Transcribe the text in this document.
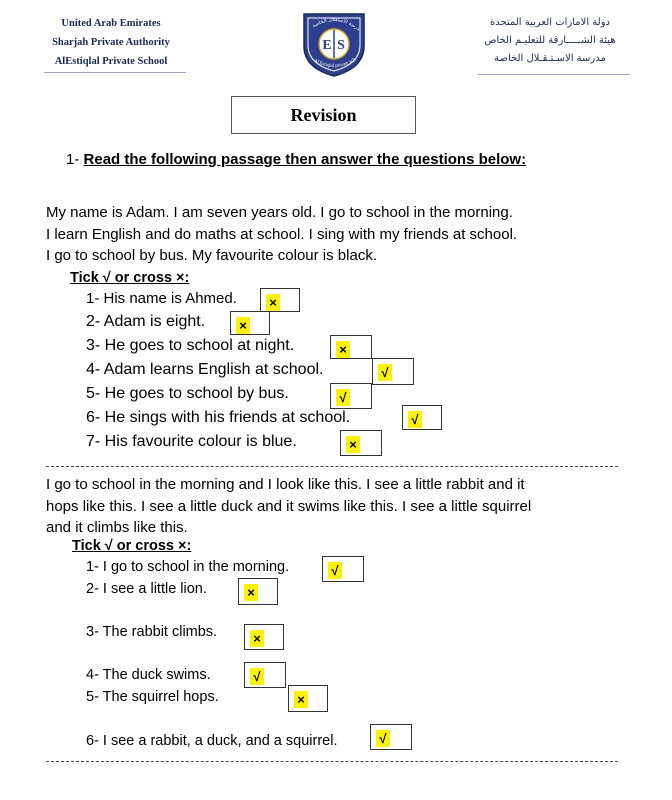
United Arab Emirates
Sharjah Private Authority
AlEstiqlal Private School
درسة الاستقلال الخاصة
E S
Al Estiqlal private sch
دولة الامارات العربية المتحدة
هيئة الشـــــارقة للتعليـم الخاص
مدرسة الاسـتـقـلال الخاصة
Revision
1- Read the following passage then answer the questions below:
My name is Adam. I am seven years old. I go to school in the morning.
I learn English and do maths at school. I sing with my friends at school.
I go to school by bus. My favourite colour is black.
Tick √ or cross ×:
1- His name is Ahmed. ×
2- Adam is eight.	×
3- He goes to school at night.	×
4- Adam learns English at school.	√
5- He goes to school by bus.	√
6- He sings with his friends at school.	√
7- His favourite colour is blue.	×
I go to school in the morning and I look like this. I see a little rabbit and it
hops like this. I see a little duck and it swims like this. I see a little squirrel
and it climbs like this.
Tick √ or cross ×:
1- I go to school in the morning.	√
2- I see a little lion.	×
3- The rabbit climbs.	×
4- The duck swims.	√
5- The squirrel hops.	×
6- I see a rabbit, a duck, and a squirrel.	√
